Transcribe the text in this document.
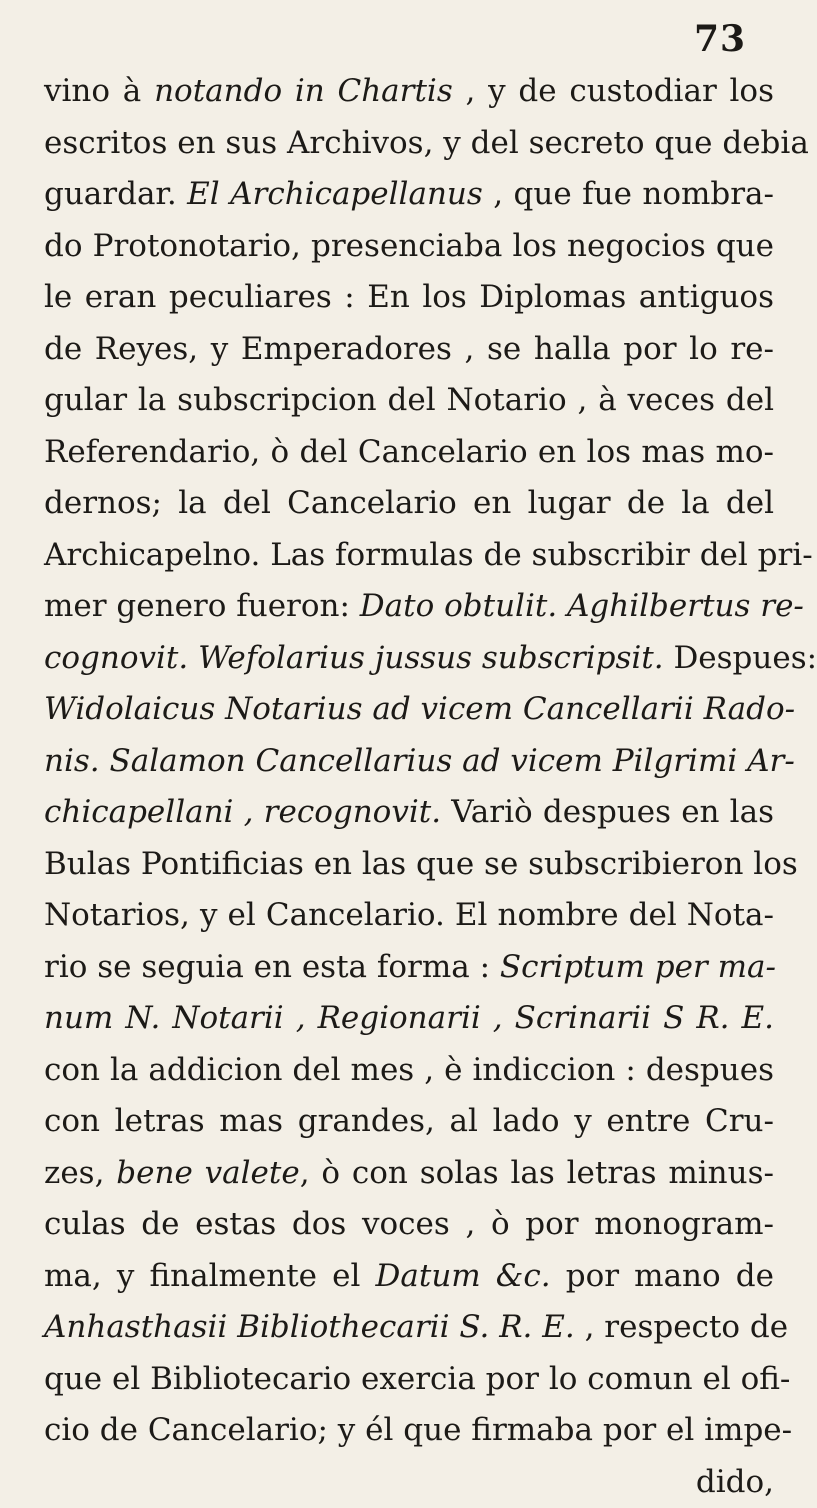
73
vino à notando in Chartis , y de custodiar los
escritos en sus Archivos, y del secreto que debia
guardar. El Archicapellanus , que fue nombra-
do Protonotario, presenciaba los negocios que
le eran peculiares : En los Diplomas antiguos
de Reyes, y Emperadores , se halla por lo re-
gular la subscripcion del Notario , à veces del
Referendario, ò del Cancelario en los mas mo-
dernos; la del Cancelario en lugar de la del
Archicapelno. Las formulas de subscribir del pri-
mer genero fueron: Dato obtulit. Aghilbertus re-
cognovit. Wefolarius jussus subscripsit. Despues:
Widolaicus Notarius ad vicem Cancellarii Rado-
nis. Salamon Cancellarius ad vicem Pilgrimi Ar-
chicapellani , recognovit. Variò despues en las
Bulas Pontificias en las que se subscribieron los
Notarios, y el Cancelario. El nombre del Nota-
rio se seguia en esta forma : Scriptum per ma-
num N. Notarii , Regionarii , Scrinarii S R. E.
con la addicion del mes , è indiccion : despues
con letras mas grandes, al lado y entre Cru-
zes, bene valete, ò con solas las letras minus-
culas de estas dos voces , ò por monogram-
ma, y finalmente el Datum &c. por mano de
Anhasthasii Bibliothecarii S. R. E. , respecto de
que el Bibliotecario exercia por lo comun el ofi-
cio de Cancelario; y él que firmaba por el impe-
dido,
